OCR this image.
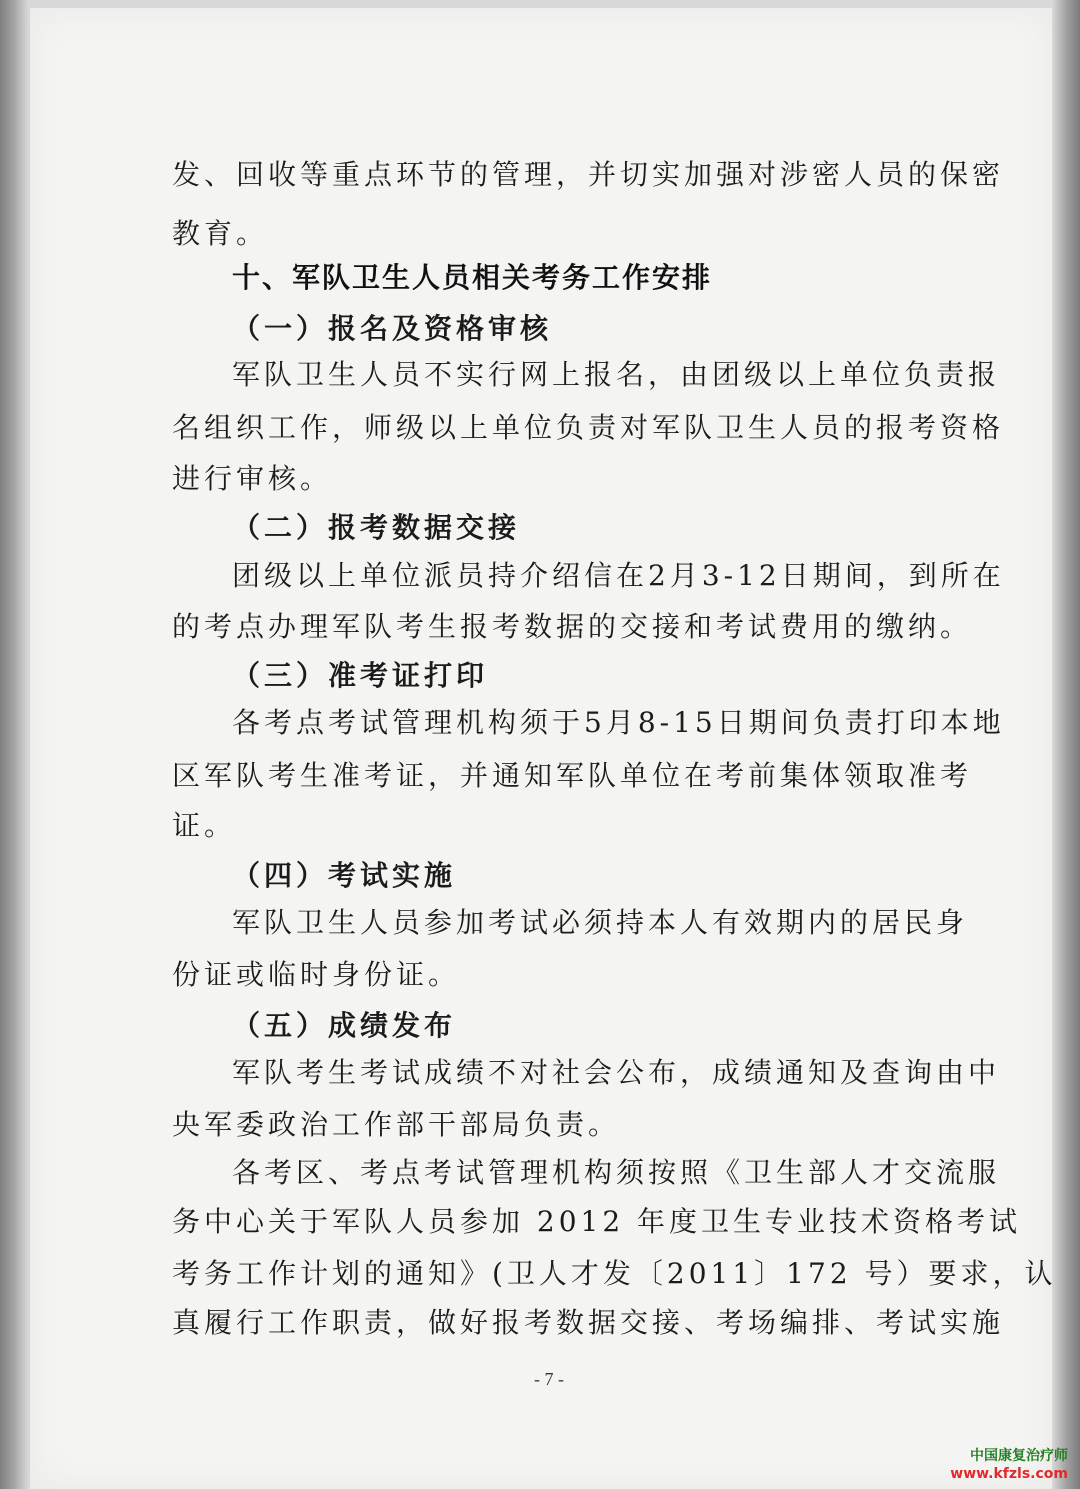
发、回收等重点环节的管理，并切实加强对涉密人员的保密
教育。
十、军队卫生人员相关考务工作安排
（一）报名及资格审核
军队卫生人员不实行网上报名，由团级以上单位负责报
名组织工作，师级以上单位负责对军队卫生人员的报考资格
进行审核。
（二）报考数据交接
团级以上单位派员持介绍信在2月3-12日期间，到所在
的考点办理军队考生报考数据的交接和考试费用的缴纳。
（三）准考证打印
各考点考试管理机构须于5月8-15日期间负责打印本地
区军队考生准考证，并通知军队单位在考前集体领取准考
证。
（四）考试实施
军队卫生人员参加考试必须持本人有效期内的居民身
份证或临时身份证。
（五）成绩发布
军队考生考试成绩不对社会公布，成绩通知及查询由中
央军委政治工作部干部局负责。
各考区、考点考试管理机构须按照《卫生部人才交流服
务中心关于军队人员参加 2012 年度卫生专业技术资格考试
考务工作计划的通知》(卫人才发〔2011〕172 号）要求，认
真履行工作职责，做好报考数据交接、考场编排、考试实施
- 7 -
中国康复治疗师
www.kfzls.com
